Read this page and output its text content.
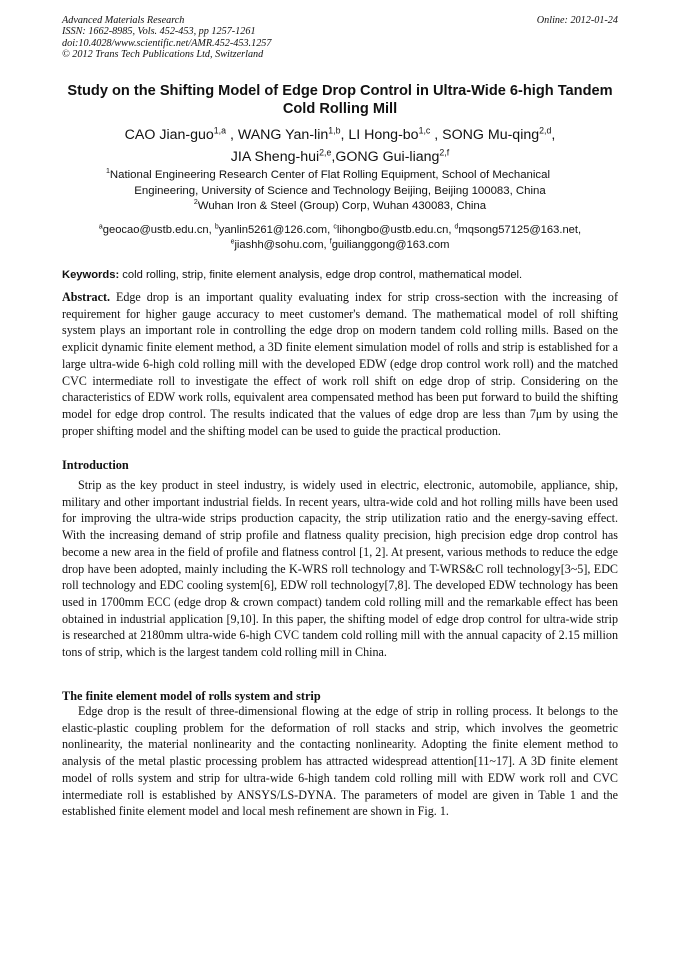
Advanced Materials Research
ISSN: 1662-8985, Vols. 452-453, pp 1257-1261
doi:10.4028/www.scientific.net/AMR.452-453.1257
© 2012 Trans Tech Publications Ltd, Switzerland
Online: 2012-01-24
Study on the Shifting Model of Edge Drop Control in Ultra-Wide 6-high Tandem Cold Rolling Mill
CAO Jian-guo$^{1,a}$ , WANG Yan-lin$^{1,b}$, LI Hong-bo$^{1,c}$ , SONG Mu-qing$^{2,d}$,
JIA Sheng-hui$^{2,e}$,GONG Gui-liang$^{2,f}$
$^1$National Engineering Research Center of Flat Rolling Equipment, School of Mechanical
Engineering, University of Science and Technology Beijing, Beijing 100083, China
$^2$Wuhan Iron & Steel (Group) Corp, Wuhan 430083, China
$^a$geocao@ustb.edu.cn, $^b$yanlin5261@126.com, $^c$lihongbo@ustb.edu.cn, $^d$mqsong57125@163.net,
$^e$jiashh@sohu.com, $^f$guilianggong@163.com
Keywords: cold rolling, strip, finite element analysis, edge drop control, mathematical model.
Abstract. Edge drop is an important quality evaluating index for strip cross-section with the increasing of requirement for higher gauge accuracy to meet customer's demand. The mathematical model of roll shifting system plays an important role in controlling the edge drop on modern tandem cold rolling mills. Based on the explicit dynamic finite element method, a 3D finite element simulation model of rolls and strip is established for a large ultra-wide 6-high cold rolling mill with the developed EDW (edge drop control work roll) and the matched CVC intermediate roll to investigate the effect of work roll shift on edge drop of strip. Considering on the characteristics of EDW work rolls, equivalent area compensated method has been put forward to build the shifting model for edge drop control. The results indicated that the values of edge drop are less than 7μm by using the proper shifting model and the shifting model can be used to guide the practical production.
Introduction
Strip as the key product in steel industry, is widely used in electric, electronic, automobile, appliance, ship, military and other important industrial fields. In recent years, ultra-wide cold and hot rolling mills have been used for improving the ultra-wide strips production capacity, the strip utilization ratio and the energy-saving effect. With the increasing demand of strip profile and flatness quality precision, high precision edge drop control has become a new area in the field of profile and flatness control [1, 2]. At present, various methods to reduce the edge drop have been adopted, mainly including the K-WRS roll technology and T-WRS&C roll technology[3~5], EDC roll technology and EDC cooling system[6], EDW roll technology[7,8]. The developed EDW technology has been used in 1700mm ECC (edge drop & crown compact) tandem cold rolling mill and the remarkable effect has been obtained in industrial application [9,10]. In this paper, the shifting model of edge drop control for ultra-wide strip is researched at 2180mm ultra-wide 6-high CVC tandem cold rolling mill with the annual capacity of 2.15 million tons of strip, which is the largest tandem cold rolling mill in China.
The finite element model of rolls system and strip
Edge drop is the result of three-dimensional flowing at the edge of strip in rolling process. It belongs to the elastic-plastic coupling problem for the deformation of roll stacks and strip, which involves the geometric nonlinearity, the material nonlinearity and the contacting nonlinearity. Adopting the finite element method to analysis of the metal plastic processing problem has attracted widespread attention[11~17]. A 3D finite element model of rolls system and strip for ultra-wide 6-high tandem cold rolling mill with EDW work roll and CVC intermediate roll is established by ANSYS/LS-DYNA. The parameters of model are given in Table 1 and the established finite element model and local mesh refinement are shown in Fig. 1.
